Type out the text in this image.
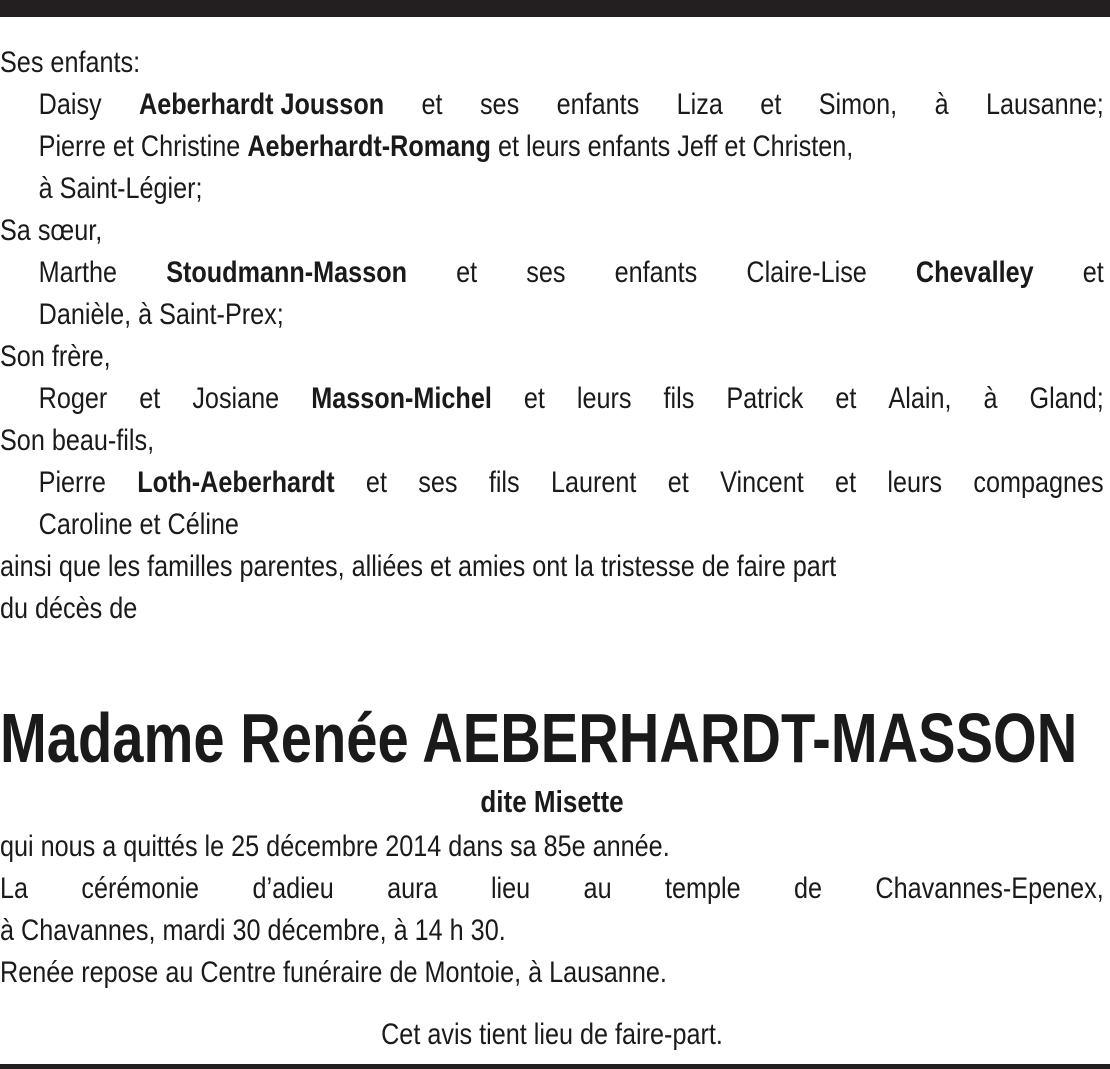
Ses enfants:
Daisy Aeberhardt Jousson et ses enfants Liza et Simon, à Lausanne;
Pierre et Christine Aeberhardt-Romang et leurs enfants Jeff et Christen,
à Saint-Légier;
Sa sœur,
Marthe Stoudmann-Masson et ses enfants Claire-Lise Chevalley et
Danièle, à Saint-Prex;
Son frère,
Roger et Josiane Masson-Michel et leurs fils Patrick et Alain, à Gland;
Son beau-fils,
Pierre Loth-Aeberhardt et ses fils Laurent et Vincent et leurs compagnes
Caroline et Céline
ainsi que les familles parentes, alliées et amies ont la tristesse de faire part
du décès de
Madame Renée AEBERHARDT-MASSON
dite Misette
qui nous a quittés le 25 décembre 2014 dans sa 85e année.
La cérémonie d’adieu aura lieu au temple de Chavannes-Epenex,
à Chavannes, mardi 30 décembre, à 14 h 30.
Renée repose au Centre funéraire de Montoie, à Lausanne.
Cet avis tient lieu de faire-part.
